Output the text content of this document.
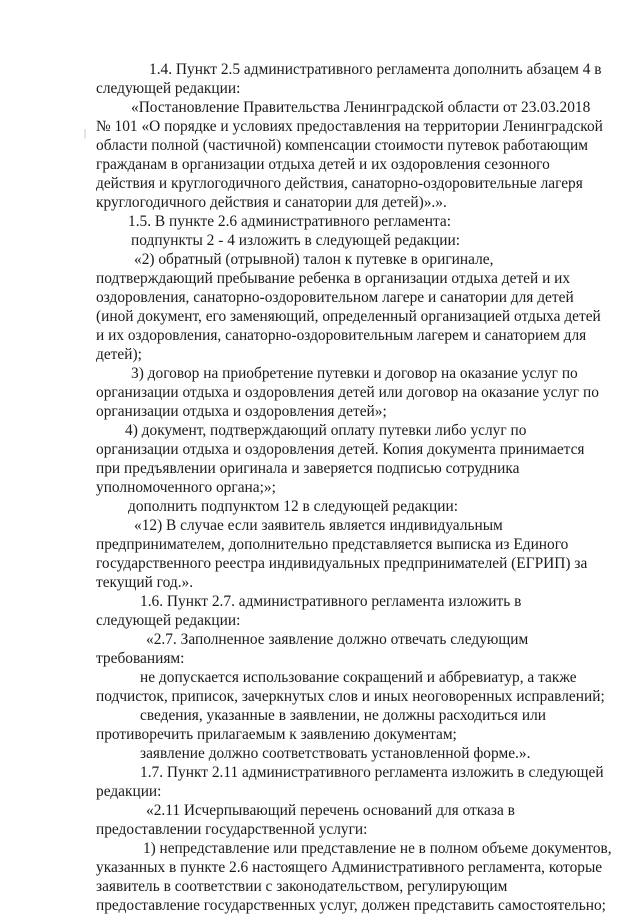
|
1.4. Пункт 2.5 административного регламента дополнить абзацем 4 в
следующей редакции:
«Постановление Правительства Ленинградской области от 23.03.2018
№ 101 «О порядке и условиях предоставления на территории Ленинградской
области полной (частичной) компенсации стоимости путевок работающим
гражданам в организации отдыха детей и их оздоровления сезонного
действия и круглогодичного действия, санаторно-оздоровительные лагеря
круглогодичного действия и санатории для детей)».».
1.5. В пункте 2.6 административного регламента:
подпункты 2 - 4 изложить в следующей редакции:
«2) обратный (отрывной) талон к путевке в оригинале,
подтверждающий пребывание ребенка в организации отдыха детей и их
оздоровления, санаторно-оздоровительном лагере и санатории для детей
(иной документ, его заменяющий, определенный организацией отдыха детей
и их оздоровления, санаторно-оздоровительным лагерем и санаторием для
детей);
3) договор на приобретение путевки и договор на оказание услуг по
организации отдыха и оздоровления детей или договор на оказание услуг по
организации отдыха и оздоровления детей»;
4) документ, подтверждающий оплату путевки либо услуг по
организации отдыха и оздоровления детей. Копия документа принимается
при предъявлении оригинала и заверяется подписью сотрудника
уполномоченного органа;»;
дополнить подпунктом 12 в следующей редакции:
«12) В случае если заявитель является индивидуальным
предпринимателем, дополнительно представляется выписка из Единого
государственного реестра индивидуальных предпринимателей (ЕГРИП) за
текущий год.».
1.6. Пункт 2.7. административного регламента изложить в
следующей редакции:
«2.7. Заполненное заявление должно отвечать следующим
требованиям:
не допускается использование сокращений и аббревиатур, а также
подчисток, приписок, зачеркнутых слов и иных неоговоренных исправлений;
сведения, указанные в заявлении, не должны расходиться или
противоречить прилагаемым к заявлению документам;
заявление должно соответствовать установленной форме.».
1.7. Пункт 2.11 административного регламента изложить в следующей
редакции:
«2.11 Исчерпывающий перечень оснований для отказа в
предоставлении государственной услуги:
1) непредставление или представление не в полном объеме документов,
указанных в пункте 2.6 настоящего Административного регламента, которые
заявитель в соответствии с законодательством, регулирующим
предоставление государственных услуг, должен представить самостоятельно;
